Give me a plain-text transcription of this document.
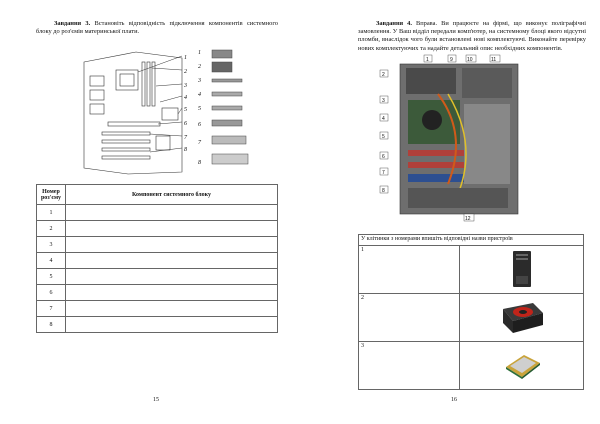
Завдання 3. Встановіть відповідність підключення компонентів системного блоку до роз'ємів материнської плати.
1
2
3
4
5
6
7
8
1
2
3
4
5
6
7
8
Номер роз'єму	Компонент системного блоку
1	
2	
3	
4	
5	
6	
7	
8	
15
Завдання 4. Вправа. Ви працюєте на фірмі, що виконує поліграфічні замовлення. У Ваш відділ передали комп'ютер, на системному блоці якого відсутні пломби, внаслідок чого були встановлені нові комплектуючі. Виконайте перевірку нових комплектуючих та надайте детальний опис необхідних компонентів.
2
3
4
5
6
7
8
1	9	10	11
12
У клітинки з номерами впишіть відповідні назви пристроїв	
1	
2	
3	
16
